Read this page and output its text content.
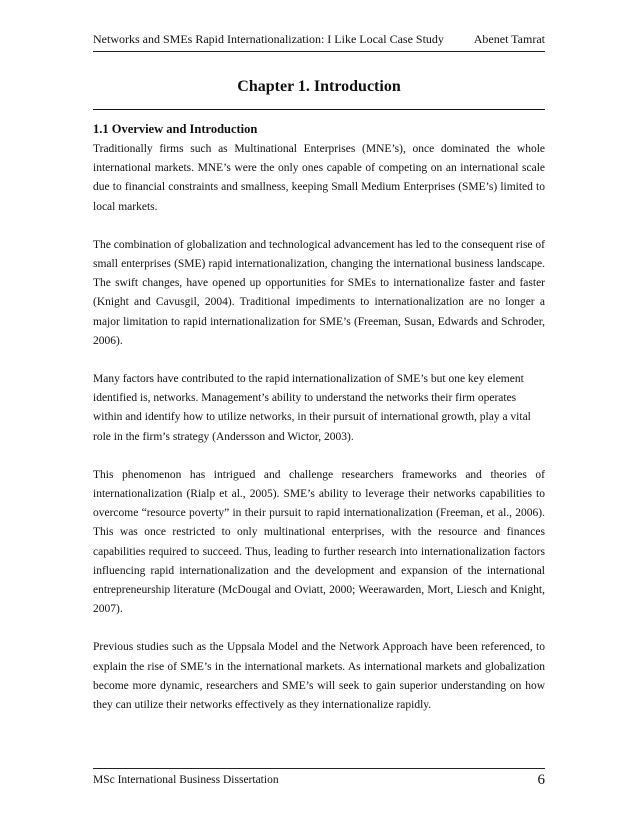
Networks and SMEs Rapid Internationalization: I Like Local Case Study Abenet Tamrat
Chapter 1. Introduction
1.1 Overview and Introduction

Traditionally firms such as Multinational Enterprises (MNE’s), once dominated the whole international markets. MNE’s were the only ones capable of competing on an international scale due to financial constraints and smallness, keeping Small Medium Enterprises (SME’s) limited to local markets.

The combination of globalization and technological advancement has led to the consequent rise of small enterprises (SME) rapid internationalization, changing the international business landscape. The swift changes, have opened up opportunities for SMEs to internationalize faster and faster (Knight and Cavusgil, 2004). Traditional impediments to internationalization are no longer a major limitation to rapid internationalization for SME’s (Freeman, Susan, Edwards and Schroder, 2006).

Many factors have contributed to the rapid internationalization of SME’s but one key element identified is, networks. Management’s ability to understand the networks their firm operates within and identify how to utilize networks, in their pursuit of international growth, play a vital role in the firm’s strategy (Andersson and Wictor, 2003).

This phenomenon has intrigued and challenge researchers frameworks and theories of internationalization (Rialp et al., 2005). SME’s ability to leverage their networks capabilities to overcome “resource poverty” in their pursuit to rapid internationalization (Freeman, et al., 2006). This was once restricted to only multinational enterprises, with the resource and finances capabilities required to succeed. Thus, leading to further research into internationalization factors influencing rapid internationalization and the development and expansion of the international entrepreneurship literature (McDougal and Oviatt, 2000; Weerawarden, Mort, Liesch and Knight, 2007).

Previous studies such as the Uppsala Model and the Network Approach have been referenced, to explain the rise of SME’s in the international markets. As international markets and globalization become more dynamic, researchers and SME’s will seek to gain superior understanding on how they can utilize their networks effectively as they internationalize rapidly.

MSc International Business Dissertation	6
